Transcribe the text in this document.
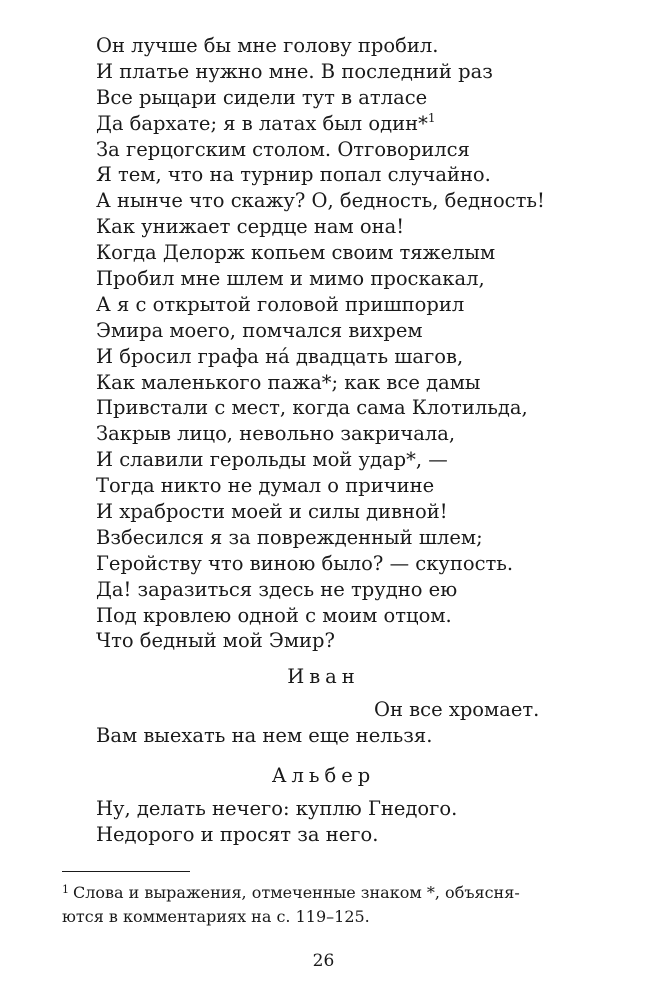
Он лучше бы мне голову пробил.
И платье нужно мне. В последний раз
Все рыцари сидели тут в атласе
Да бархате; я в латах был один*$^1$
За герцогским столом. Отговорился
Я тем, что на турнир попал случайно.
А нынче что скажу? О, бедность, бедность!
Как унижает сердце нам она!
Когда Делорж копьем своим тяжелым
Пробил мне шлем и мимо проскакал,
А я с открытой головой пришпорил
Эмира моего, помчался вихрем
И бросил графа нá двадцать шагов,
Как маленького пажа*; как все дамы
Привстали с мест, когда сама Клотильда,
Закрыв лицо, невольно закричала,
И славили герольды мой удар*, —
Тогда никто не думал о причине
И храбрости моей и силы дивной!
Взбесился я за поврежденный шлем;
Геройству что виною было? — скупость.
Да! заразиться здесь не трудно ею
Под кровлею одной с моим отцом.
Что бедный мой Эмир?
Иван
Он все хромает.
Вам выехать на нем еще нельзя.
Альбер
Ну, делать нечего: куплю Гнедого.
Недорого и просят за него.
$^1$ Слова и выражения, отмеченные знаком *, объясня-
ются в комментариях на с. 119–125.
26
